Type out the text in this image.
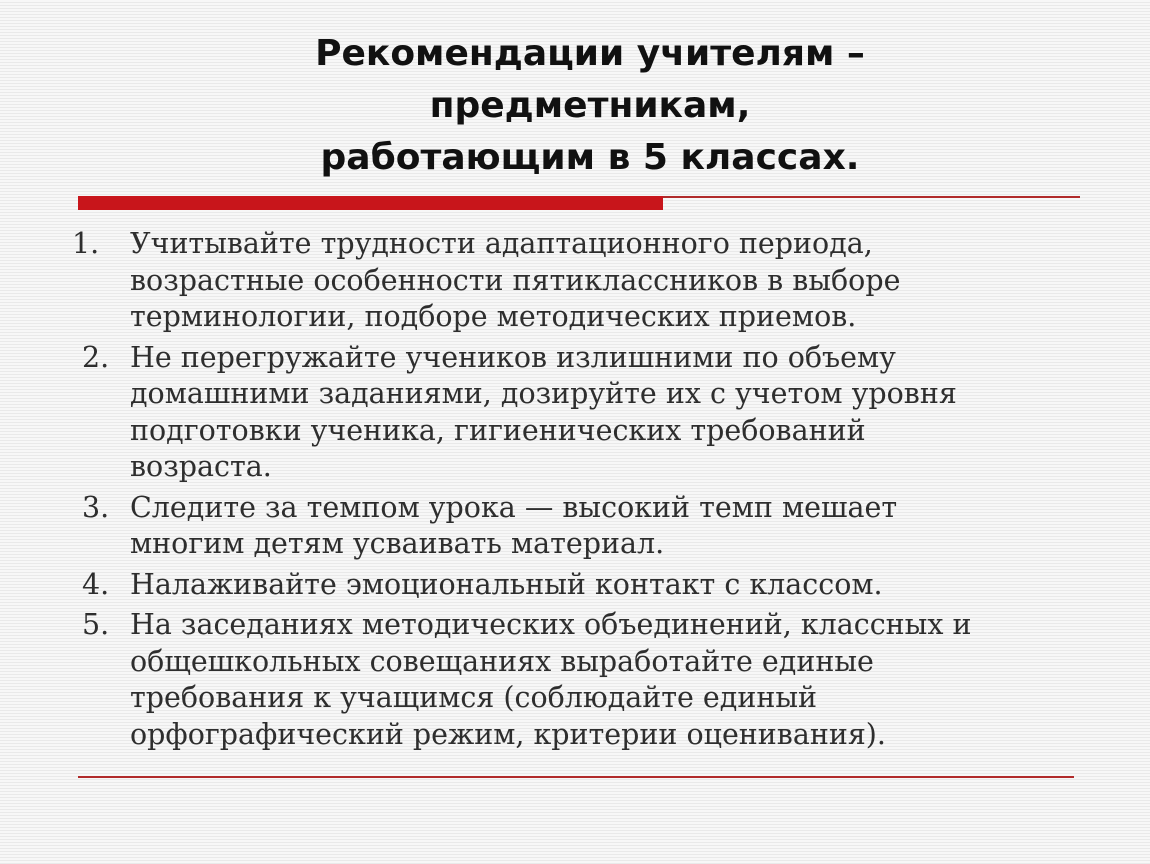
Рекомендации учителям –
предметникам,
работающим в 5 классах.
1.	Учитывайте трудности адаптационного периода,
возрастные особенности пятиклассников в выборе
терминологии, подборе методических приемов.
2. Не перегружайте учеников излишними по объему
домашними заданиями, дозируйте их с учетом уровня
подготовки ученика, гигиенических требований
возраста.
3. Следите за темпом урока — высокий темп мешает
многим детям усваивать материал.
4. Налаживайте эмоциональный контакт с классом.
5. На заседаниях методических объединений, классных и
общешкольных совещаниях выработайте единые
требования к учащимся (соблюдайте единый
орфографический режим, критерии оценивания).
